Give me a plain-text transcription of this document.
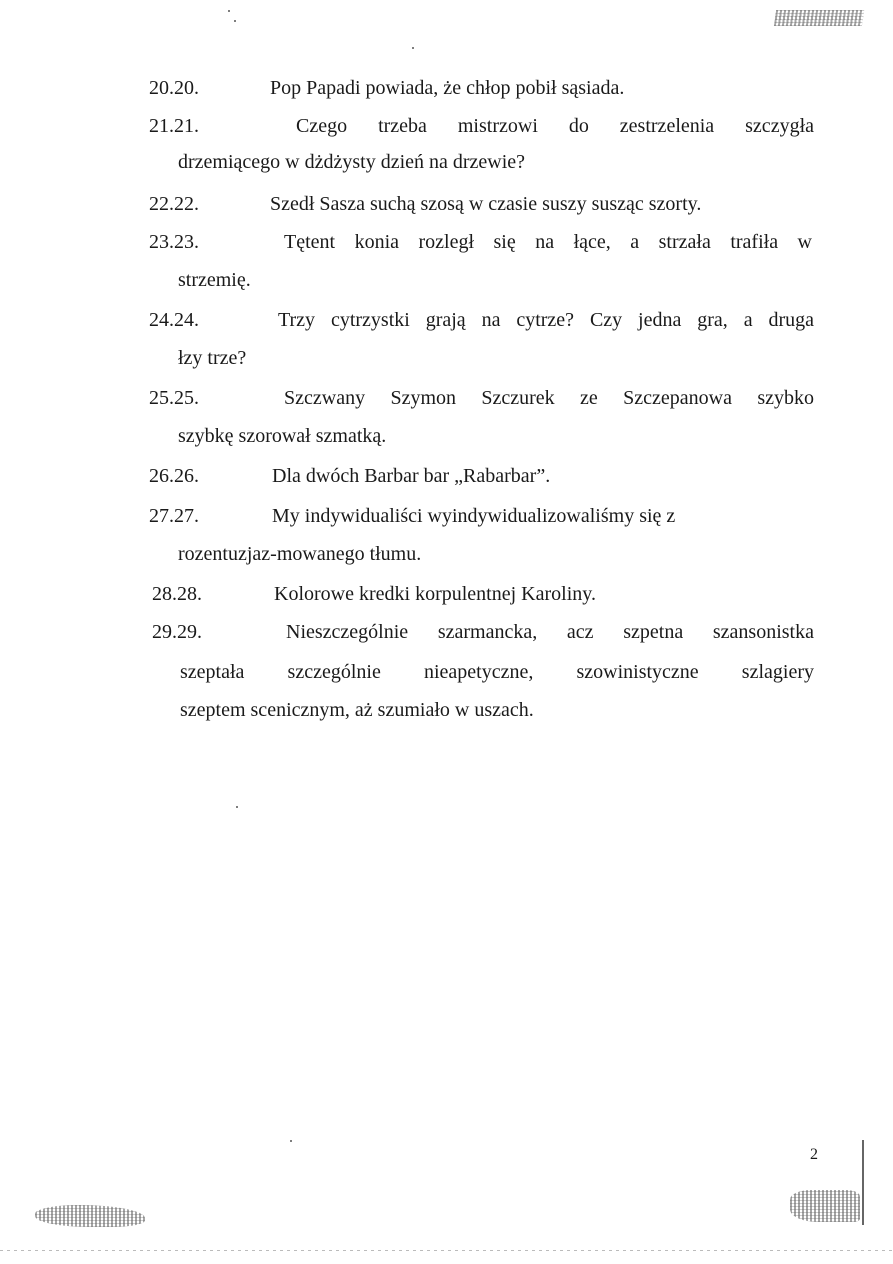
20.20.	Pop Papadi powiada, że chłop pobił sąsiada.
21.21.	Czego trzeba mistrzowi do zestrzelenia szczygła
drzemiącego w dżdżysty dzień na drzewie?
22.22.	Szedł Sasza suchą szosą w czasie suszy susząc szorty.
23.23.	Tętent konia rozległ się na łące, a strzała trafiła w
strzemię.
24.24.	Trzy cytrzystki grają na cytrze? Czy jedna gra, a druga
łzy trze?
25.25.	Szczwany Szymon Szczurek ze Szczepanowa szybko
szybkę szorował szmatką.
26.26.	Dla dwóch Barbar bar „Rabarbar”.
27.27.	My indywidualiści wyindywidualizowaliśmy się z
rozentuzjaz-mowanego tłumu.
28.28.	Kolorowe kredki korpulentnej Karoliny.
29.29.	Nieszczególnie szarmancka, acz szpetna szansonistka
szeptała szczególnie nieapetyczne, szowinistyczne szlagiery
szeptem scenicznym, aż szumiało w uszach.
2
